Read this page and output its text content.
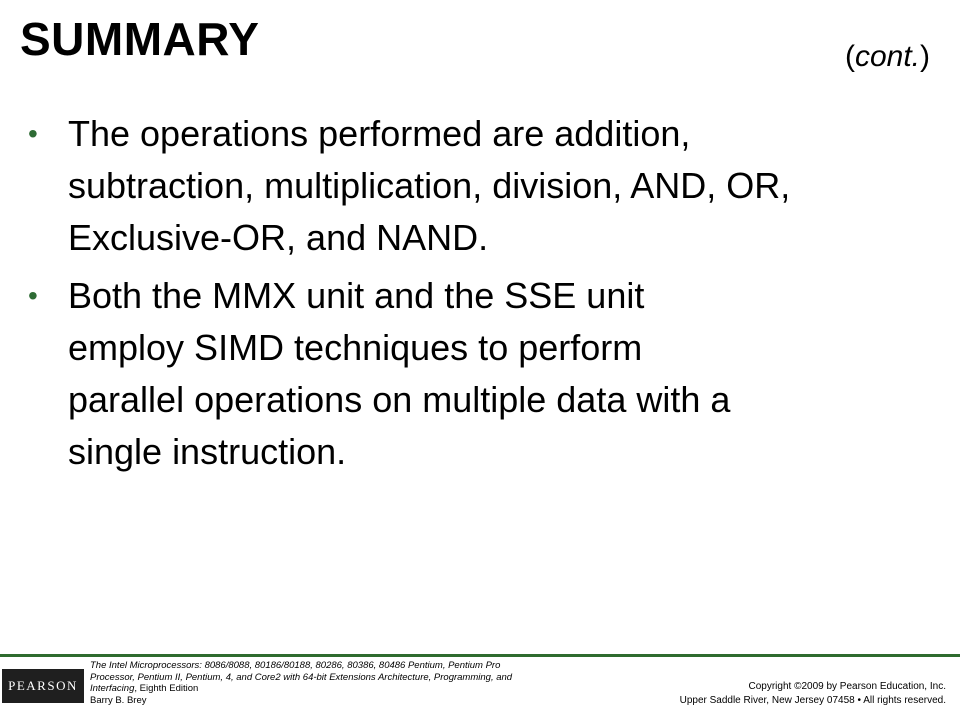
SUMMARY	(cont.)
• The operations performed are addition, subtraction, multiplication, division, AND, OR, Exclusive-OR, and NAND.
• Both the MMX unit and the SSE unit employ SIMD techniques to perform parallel operations on multiple data with a single instruction.
PEARSON
The Intel Microprocessors: 8086/8088, 80186/80188, 80286, 80386, 80486 Pentium, Pentium Pro Processor, Pentium II, Pentium, 4, and Core2 with 64-bit Extensions Architecture, Programming, and Interfacing, Eighth Edition
Barry B. Brey
Copyright ©2009 by Pearson Education, Inc.
Upper Saddle River, New Jersey 07458 • All rights reserved.
